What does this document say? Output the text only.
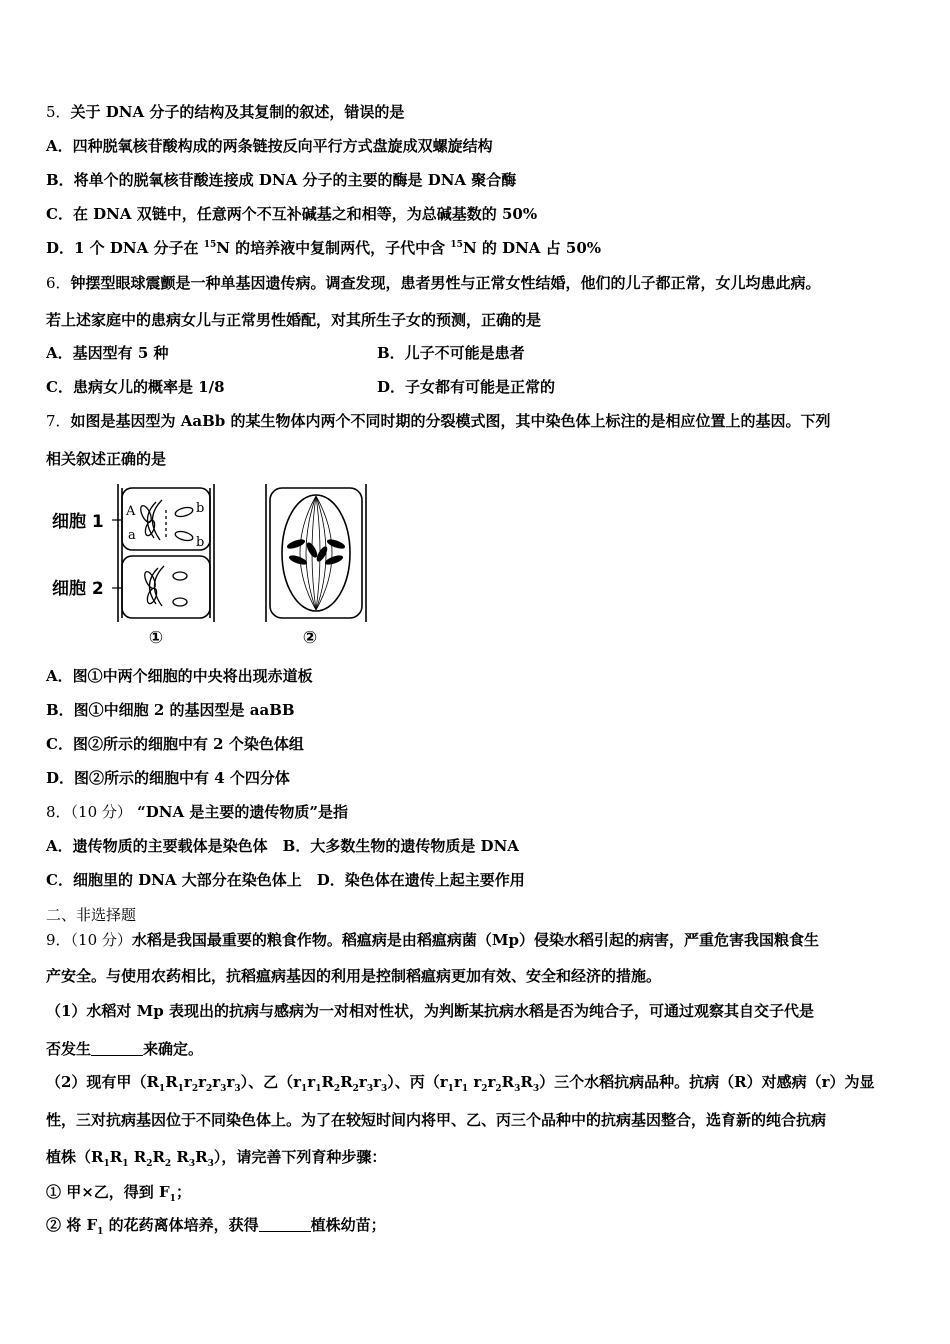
5．关于 DNA 分子的结构及其复制的叙述，错误的是
A．四种脱氧核苷酸构成的两条链按反向平行方式盘旋成双螺旋结构
B．将单个的脱氧核苷酸连接成 DNA 分子的主要的酶是 DNA 聚合酶
C．在 DNA 双链中，任意两个不互补碱基之和相等，为总碱基数的 50%
D．1 个 DNA 分子在 $^{15}$N 的培养液中复制两代，子代中含 $^{15}$N 的 DNA 占 50%
6．钟摆型眼球震颤是一种单基因遗传病。调查发现，患者男性与正常女性结婚，他们的儿子都正常，女儿均患此病。
若上述家庭中的患病女儿与正常男性婚配，对其所生子女的预测，正确的是
A．基因型有 5 种	B．儿子不可能是患者
C．患病女儿的概率是 1/8	D．子女都有可能是正常的
7．如图是基因型为 AaBb 的某生物体内两个不同时期的分裂模式图，其中染色体上标注的是相应位置上的基因。下列
相关叙述正确的是
细胞 1
细胞 2
A
a
b
b
①	②
A．图①中两个细胞的中央将出现赤道板
B．图①中细胞 2 的基因型是 aaBB
C．图②所示的细胞中有 2 个染色体组
D．图②所示的细胞中有 4 个四分体
8．（10 分） “DNA 是主要的遗传物质”是指
A．遗传物质的主要载体是染色体　 B．大多数生物的遗传物质是 DNA
C．细胞里的 DNA 大部分在染色体上　 D．染色体在遗传上起主要作用
二、非选择题
9．（10 分）水稻是我国最重要的粮食作物。稻瘟病是由稻瘟病菌（Mp）侵染水稻引起的病害，严重危害我国粮食生
产安全。与使用农药相比，抗稻瘟病基因的利用是控制稻瘟病更加有效、安全和经济的措施。
（1）水稻对 Mp 表现出的抗病与感病为一对相对性状，为判断某抗病水稻是否为纯合子，可通过观察其自交子代是
否发生	来确定。
（2）现有甲$(R_1R_1r_2r_2r_3r_3)$、乙$(r_1r_1R_2R_2r_3r_3)$、丙（$r_1r_1$ $r_2r_2R_3R_3$）三个水稻抗病品种。抗病（R）对感病（r）为显
性，三对抗病基因位于不同染色体上。为了在较短时间内将甲、乙、丙三个品种中的抗病基因整合，选育新的纯合抗病
植株（$R_1R_1$ $R_2R_2$ $R_3R_3$），请完善下列育种步骤：
① 甲×乙，得到 $F_1$；
② 将 $F_1$ 的花药离体培养，获得	植株幼苗；
